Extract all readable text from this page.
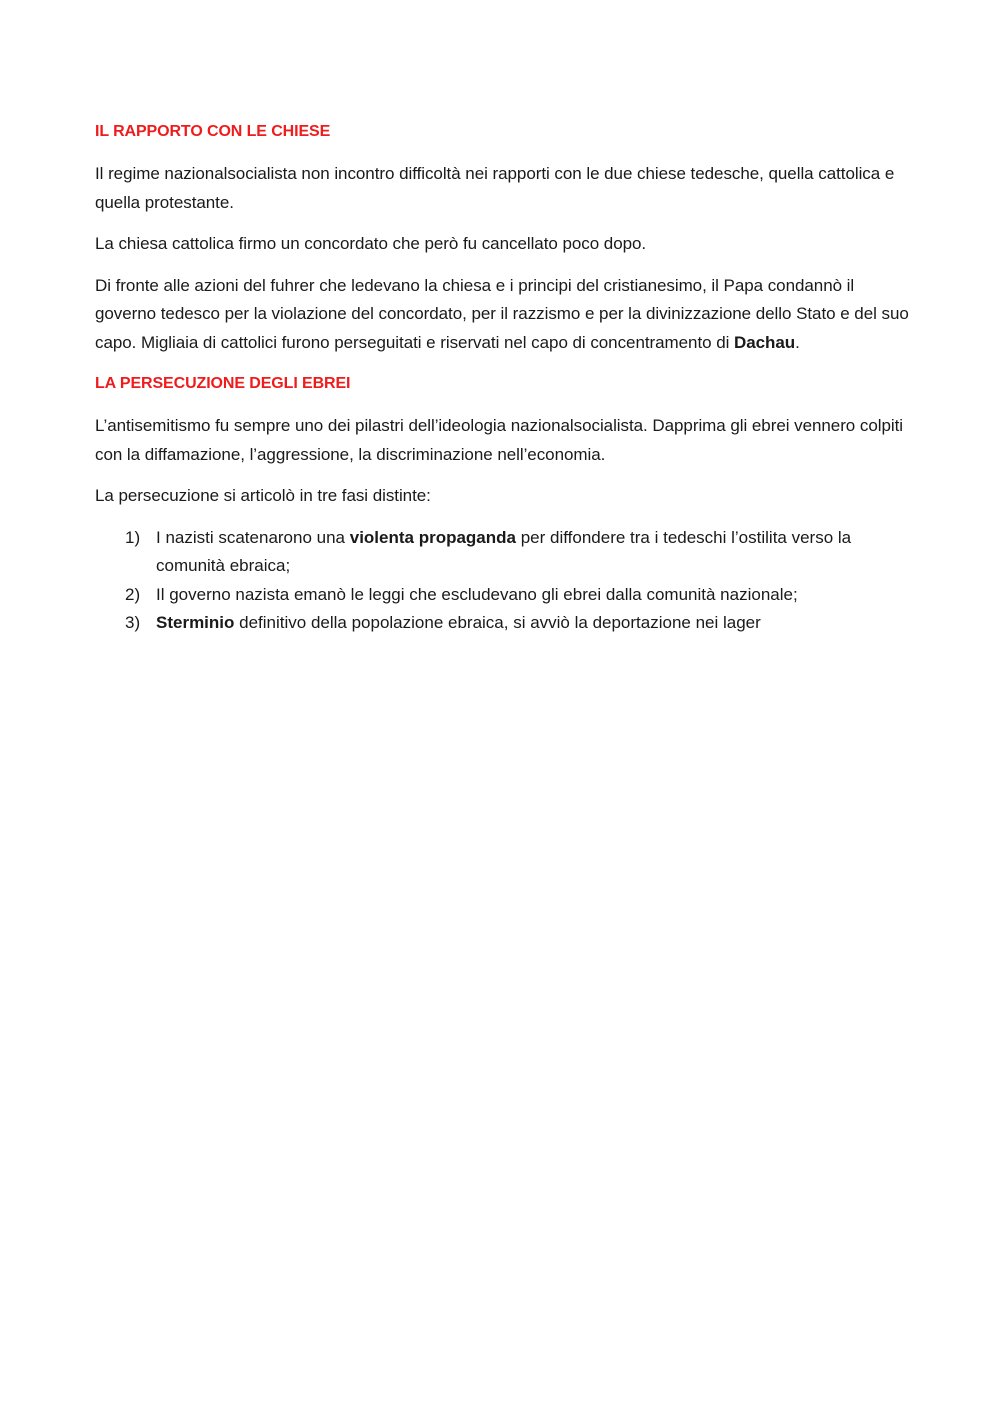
IL RAPPORTO CON LE CHIESE

Il regime nazionalsocialista non incontro difficoltà nei rapporti con le due chiese tedesche, quella cattolica e quella protestante.

La chiesa cattolica firmo un concordato che però fu cancellato poco dopo.

Di fronte alle azioni del fuhrer che ledevano la chiesa e i principi del cristianesimo, il Papa condannò il governo tedesco per la violazione del concordato, per il razzismo e per la divinizzazione dello Stato e del suo capo. Migliaia di cattolici furono perseguitati e riservati nel capo di concentramento di Dachau.

LA PERSECUZIONE DEGLI EBREI

L’antisemitismo fu sempre uno dei pilastri dell’ideologia nazionalsocialista. Dapprima gli ebrei vennero colpiti con la diffamazione, l’aggressione, la discriminazione nell’economia.

La persecuzione si articolò in tre fasi distinte:

1) I nazisti scatenarono una violenta propaganda per diffondere tra i tedeschi l’ostilita verso la comunità ebraica;
2) Il governo nazista emanò le leggi che escludevano gli ebrei dalla comunità nazionale;
3) Sterminio definitivo della popolazione ebraica, si avviò la deportazione nei lager
